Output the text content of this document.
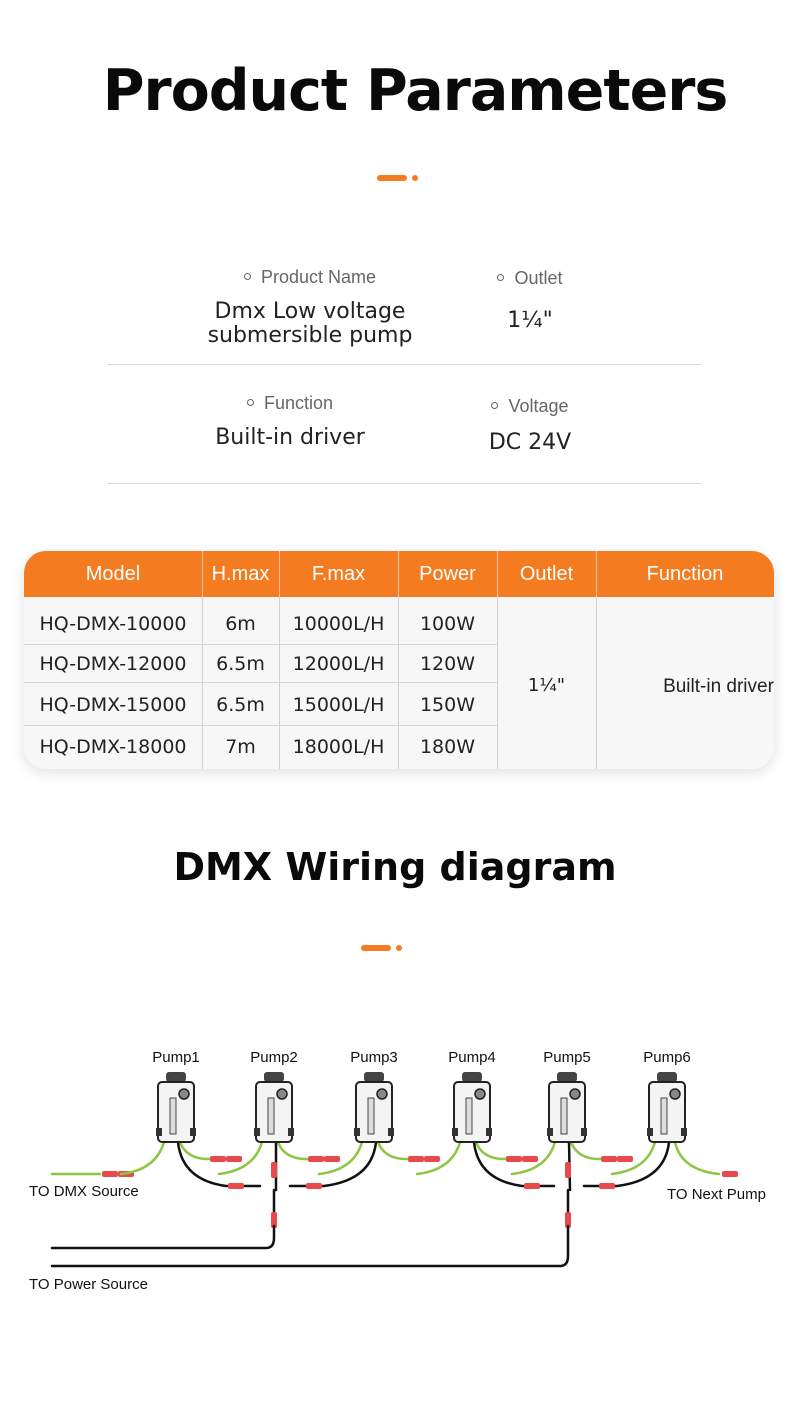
Product Parameters
Product Name
Dmx Low voltage
submersible pump
Outlet
1¼"
Function
Built-in driver
Voltage
DC 24V
Model	H.max	F.max	Power	Outlet	Function
HQ-DMX-10000	6m	10000L/H	100W
HQ-DMX-12000	6.5m	12000L/H	120W
HQ-DMX-15000	6.5m	15000L/H	150W
HQ-DMX-18000	7m	18000L/H	180W
1¼"	Built-in driver
DMX Wiring diagram
Pump1	Pump2	Pump3	Pump4	Pump5	Pump6
TO DMX Source	TO Next Pump
TO Power Source
